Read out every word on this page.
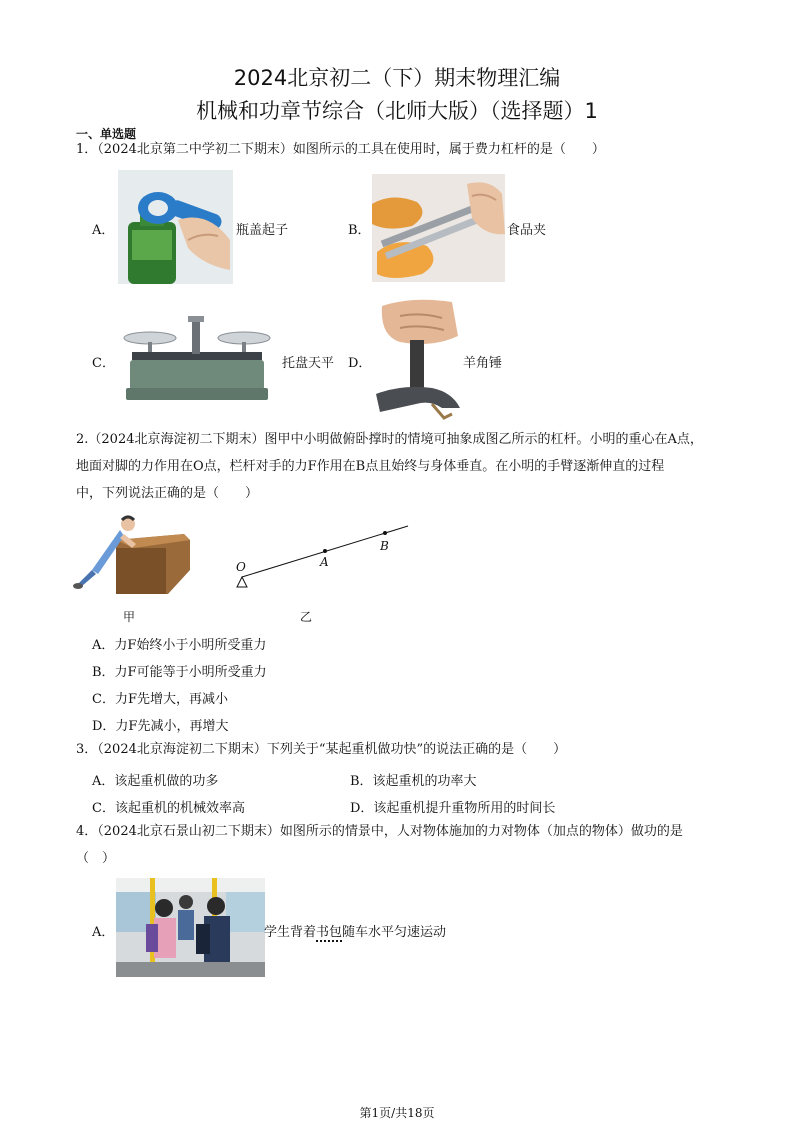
2024北京初二（下）期末物理汇编
机械和功章节综合（北师大版）（选择题）1
一、单选题
1．（2024北京第二中学初二下期末）如图所示的工具在使用时，属于费力杠杆的是（　　）
A．	瓶盖起子	B．	食品夹
C．	托盘天平 D．	羊角锤
2.（2024北京海淀初二下期末）图甲中小明做俯卧撑时的情境可抽象成图乙所示的杠杆。小明的重心在A点，
地面对脚的力作用在O点，栏杆对手的力F作用在B点且始终与身体垂直。在小明的手臂逐渐伸直的过程
中，下列说法正确的是（　　）
O	A
B
甲	乙
A．力F始终小于小明所受重力
B．力F可能等于小明所受重力
C．力F先增大，再减小
D．力F先减小，再增大
3．（2024北京海淀初二下期末）下列关于“某起重机做功快”的说法正确的是（　　）
A．该起重机做的功多	B．该起重机的功率大
C．该起重机的机械效率高	D．该起重机提升重物所用的时间长
4．（2024北京石景山初二下期末）如图所示的情景中，人对物体施加的力对物体（加点的物体）做功的是
（　）
A．	学生背着书包随车水平匀速运动
第1页/共18页
